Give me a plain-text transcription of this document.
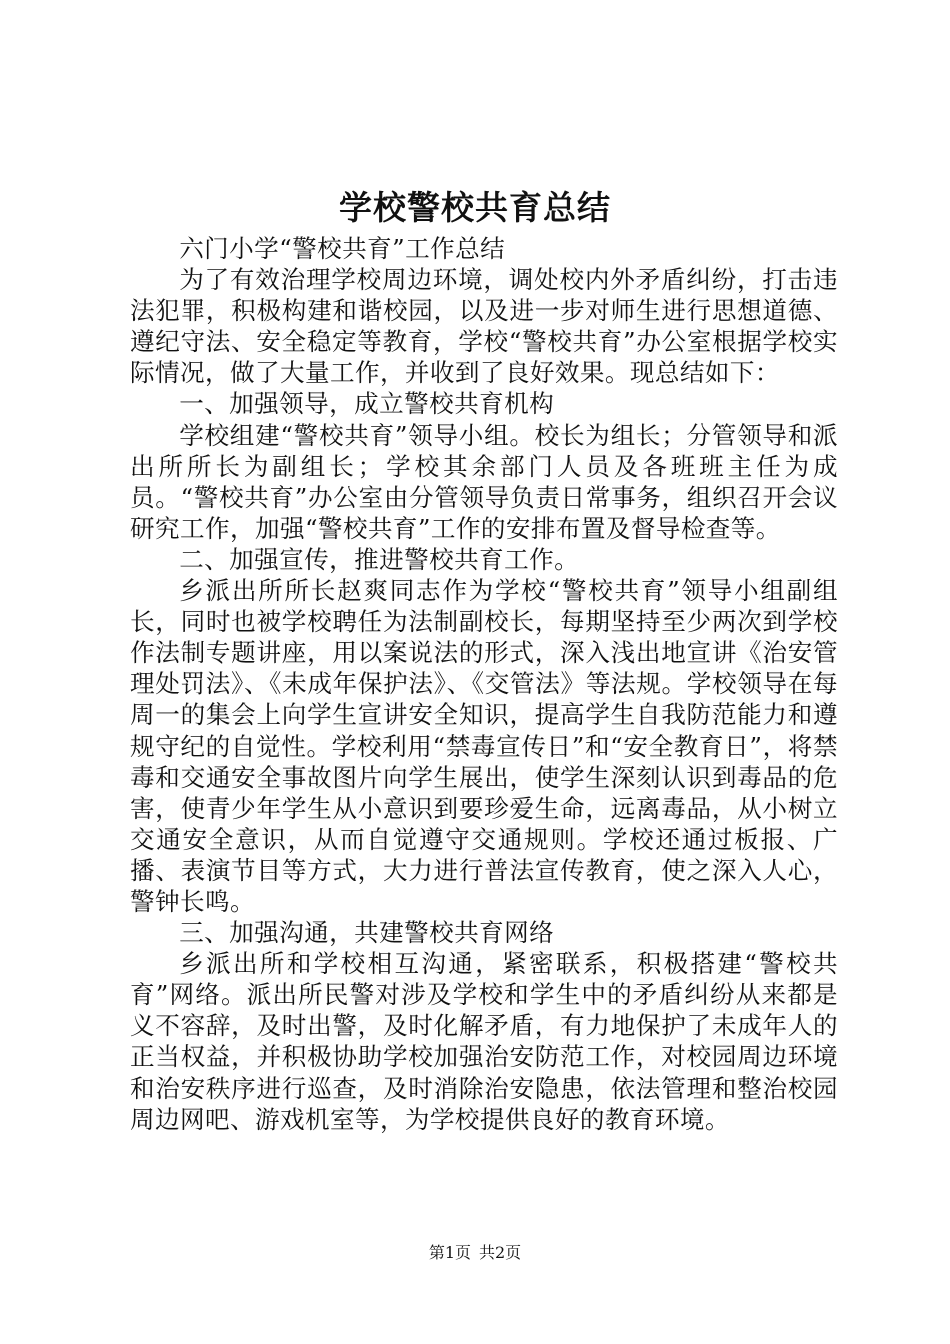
学校警校共育总结

六门小学“警校共育”工作总结

为了有效治理学校周边环境，调处校内外矛盾纠纷，打击违法犯罪，积极构建和谐校园，以及进一步对师生进行思想道德、遵纪守法、安全稳定等教育，学校“警校共育”办公室根据学校实际情况，做了大量工作，并收到了良好效果。现总结如下：

一、加强领导，成立警校共育机构

学校组建“警校共育”领导小组。校长为组长；分管领导和派出所所长为副组长；学校其余部门人员及各班班主任为成员。“警校共育”办公室由分管领导负责日常事务，组织召开会议研究工作，加强“警校共育”工作的安排布置及督导检查等。

二、加强宣传，推进警校共育工作。

乡派出所所长赵爽同志作为学校“警校共育”领导小组副组长，同时也被学校聘任为法制副校长，每期坚持至少两次到学校作法制专题讲座，用以案说法的形式，深入浅出地宣讲《治安管理处罚法》、《未成年保护法》、《交管法》等法规。学校领导在每周一的集会上向学生宣讲安全知识，提高学生自我防范能力和遵规守纪的自觉性。学校利用“禁毒宣传日”和“安全教育日”，将禁毒和交通安全事故图片向学生展出，使学生深刻认识到毒品的危害，使青少年学生从小意识到要珍爱生命，远离毒品，从小树立交通安全意识，从而自觉遵守交通规则。学校还通过板报、广播、表演节目等方式，大力进行普法宣传教育，使之深入人心，警钟长鸣。

三、加强沟通，共建警校共育网络

乡派出所和学校相互沟通，紧密联系，积极搭建“警校共育”网络。派出所民警对涉及学校和学生中的矛盾纠纷从来都是义不容辞，及时出警，及时化解矛盾，有力地保护了未成年人的正当权益，并积极协助学校加强治安防范工作，对校园周边环境和治安秩序进行巡查，及时消除治安隐患，依法管理和整治校园周边网吧、游戏机室等，为学校提供良好的教育环境。

第1页 共2页
